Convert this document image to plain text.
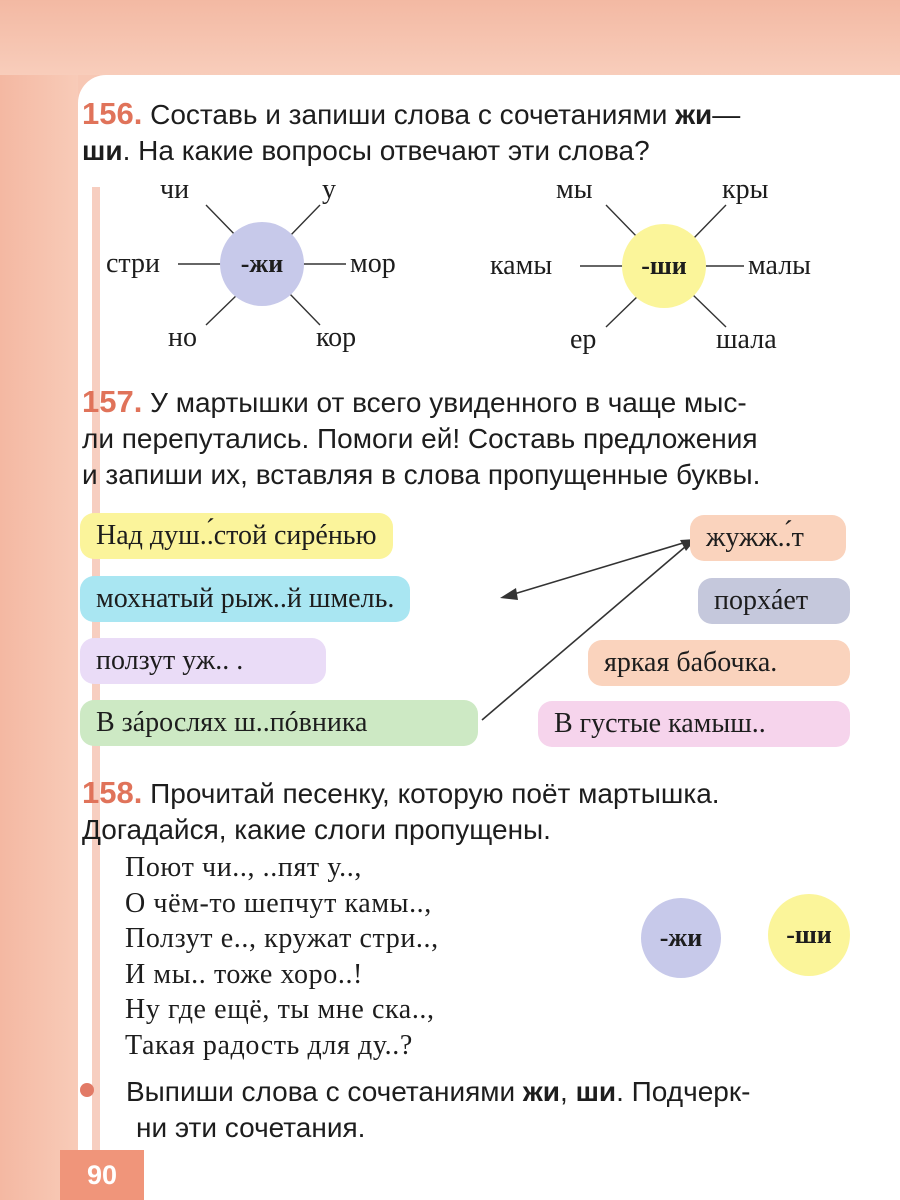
156. Составь и запиши слова с сочетаниями жи—
ши. На какие вопросы отвечают эти слова?
-жи
чи	у
стри	мор
но	кор
-ши
мы	кры
камы	малы
ер	шала
157. У мартышки от всего увиденного в чаще мыс-
ли перепутались. Помоги ей! Составь предложения
и запиши их, вставляя в слова пропущенные буквы.
Над душ..́стой сирéнью
мохнатый рыж..й шмель.
ползут уж.. .
В зáрослях ш..пóвника
жужж..́т
порхáет
яркая бабочка.
В густые камыш..
158. Прочитай песенку, которую поёт мартышка.
Догадайся, какие слоги пропущены.
Поют чи.., ..пят у..,
О чём-то шепчут камы..,
Ползут е.., кружат стри..,
И мы.. тоже хоро..!
Ну где ещё, ты мне ска..,
Такая радость для ду..?
-жи	-ши
Выпиши слова с сочетаниями жи, ши. Подчерк-
ни эти сочетания.
90
